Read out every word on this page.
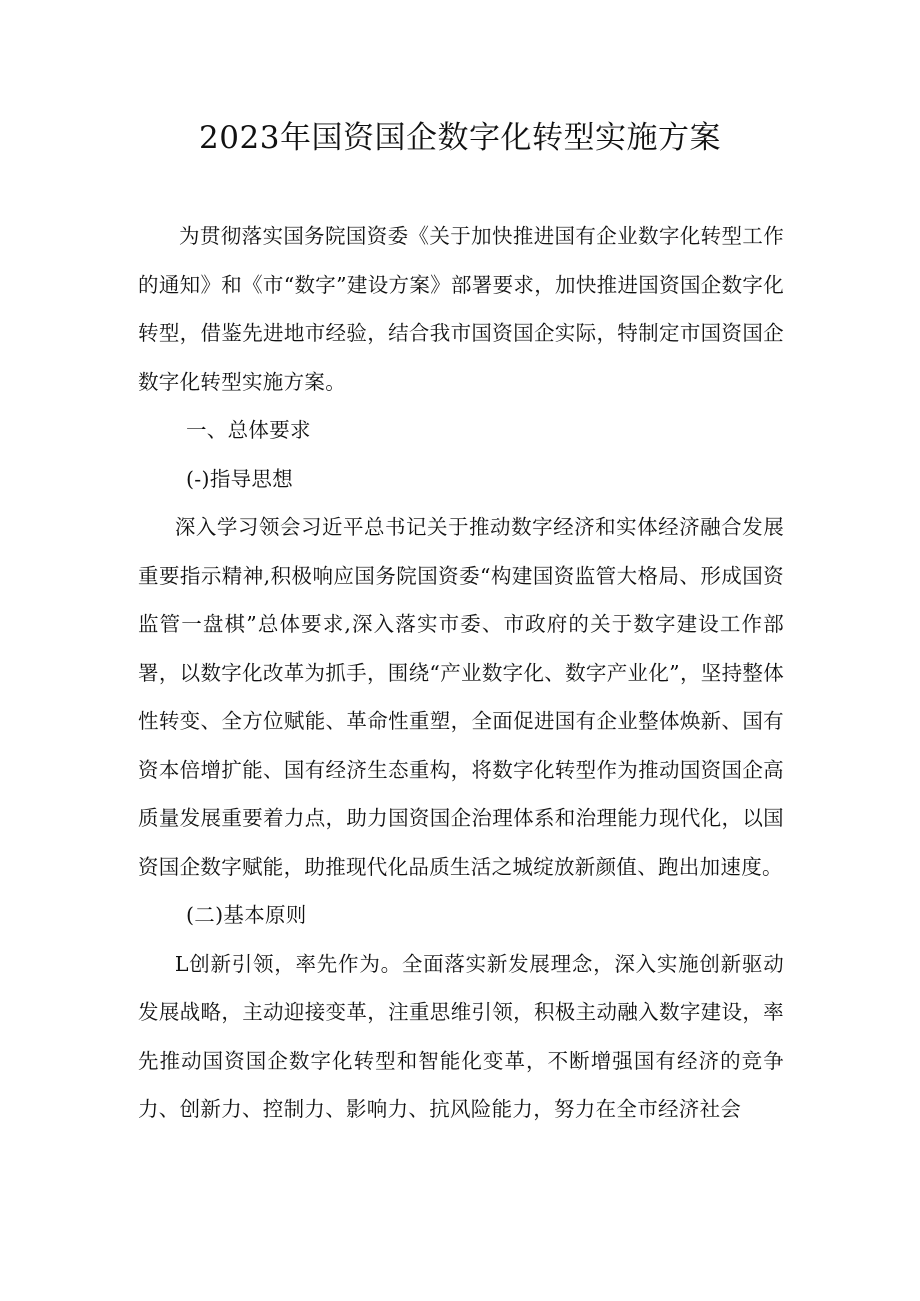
2023年国资国企数字化转型实施方案

为贯彻落实国务院国资委《关于加快推进国有企业数字化转型工作的通知》和《市“数字”建设方案》部署要求，加快推进国资国企数字化转型，借鉴先进地市经验，结合我市国资国企实际，特制定市国资国企数字化转型实施方案。

一、总体要求

(-)指导思想

深入学习领会习近平总书记关于推动数字经济和实体经济融合发展重要指示精神,积极响应国务院国资委“构建国资监管大格局、形成国资监管一盘棋”总体要求,深入落实市委、市政府的关于数字建设工作部署，以数字化改革为抓手，围绕“产业数字化、数字产业化”，坚持整体性转变、全方位赋能、革命性重塑，全面促进国有企业整体焕新、国有资本倍增扩能、国有经济生态重构，将数字化转型作为推动国资国企高质量发展重要着力点，助力国资国企治理体系和治理能力现代化，以国资国企数字赋能，助推现代化品质生活之城绽放新颜值、跑出加速度。

(二)基本原则

L创新引领，率先作为。全面落实新发展理念，深入实施创新驱动发展战略，主动迎接变革，注重思维引领，积极主动融入数字建设，率先推动国资国企数字化转型和智能化变革，不断增强国有经济的竞争力、创新力、控制力、影响力、抗风险能力，努力在全市经济社会
